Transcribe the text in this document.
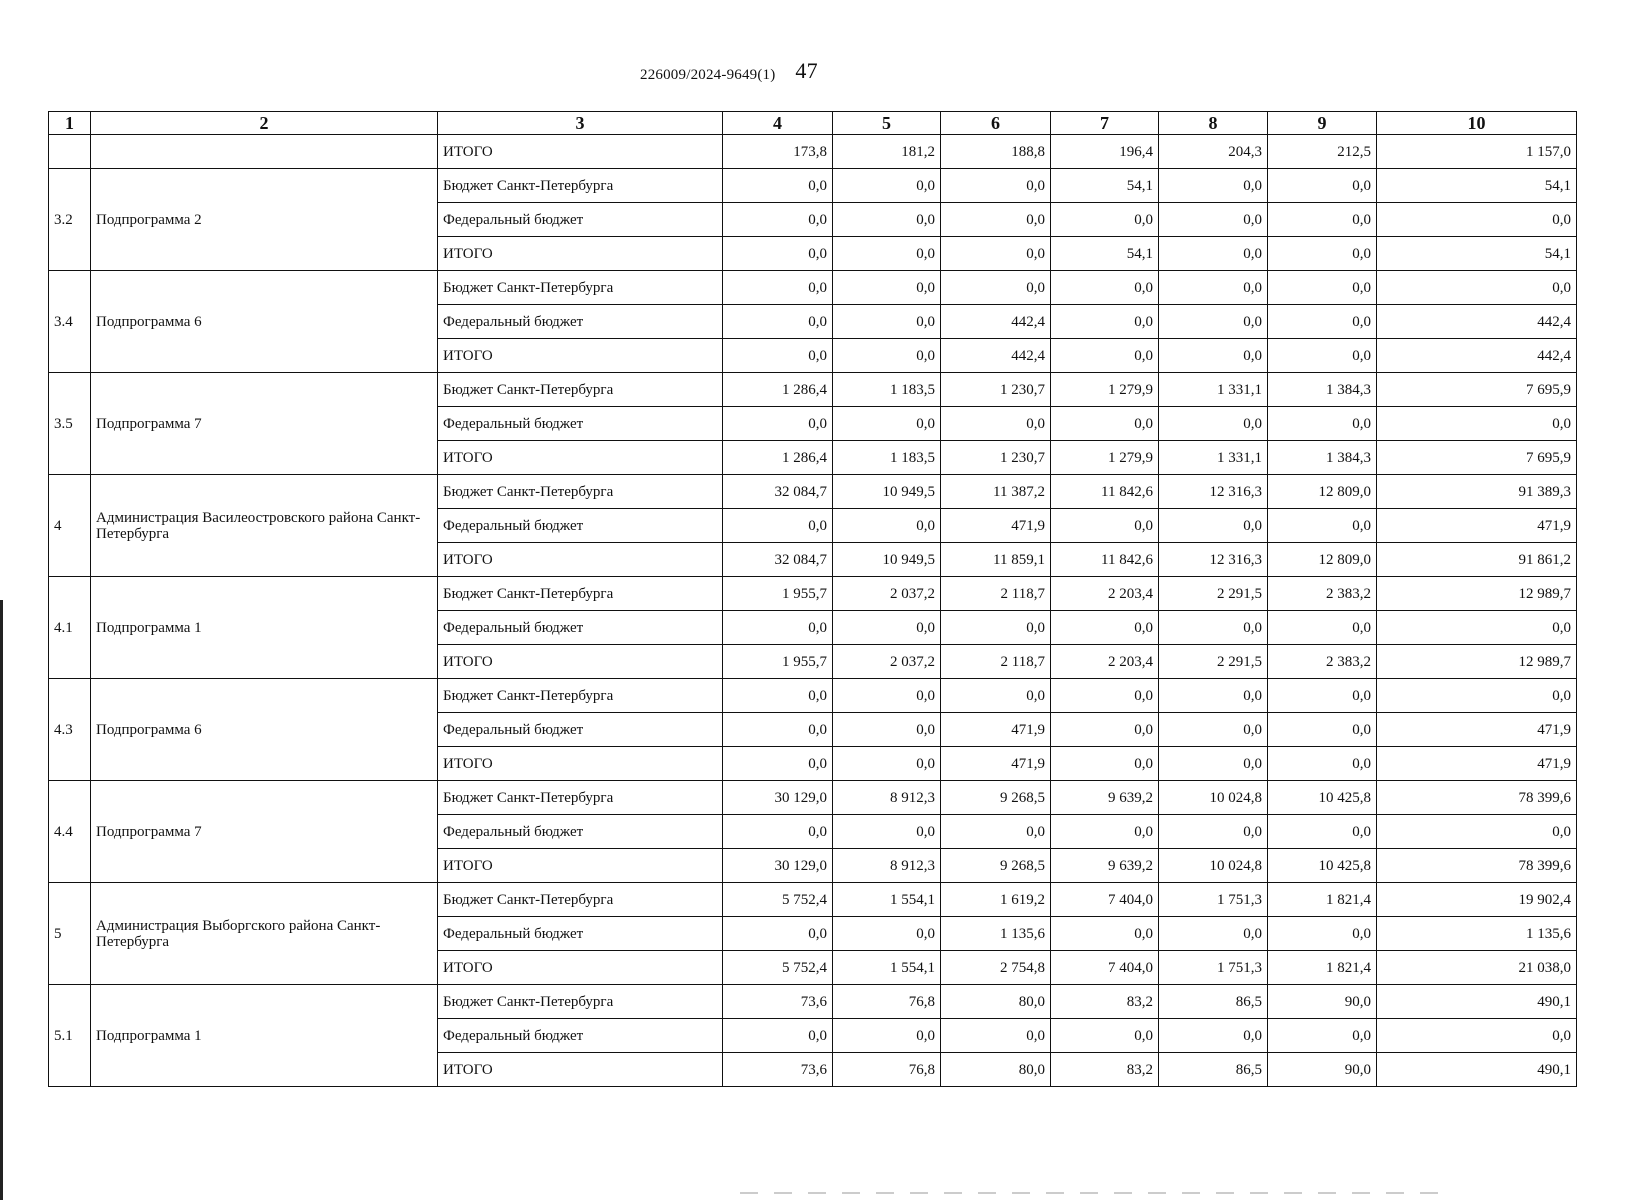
226009/2024-9649(1) 47
1	2	3	4	5	6	7	8	9	10
		ИТОГО	173,8	181,2	188,8	196,4	204,3	212,5	1 157,0
3.2	Подпрограмма 2	Бюджет Санкт-Петербурга	0,0	0,0	0,0	54,1	0,0	0,0	54,1
		Федеральный бюджет	0,0	0,0	0,0	0,0	0,0	0,0	0,0
		ИТОГО	0,0	0,0	0,0	54,1	0,0	0,0	54,1
3.4	Подпрограмма 6	Бюджет Санкт-Петербурга	0,0	0,0	0,0	0,0	0,0	0,0	0,0
		Федеральный бюджет	0,0	0,0	442,4	0,0	0,0	0,0	442,4
		ИТОГО	0,0	0,0	442,4	0,0	0,0	0,0	442,4
3.5	Подпрограмма 7	Бюджет Санкт-Петербурга	1 286,4	1 183,5	1 230,7	1 279,9	1 331,1	1 384,3	7 695,9
		Федеральный бюджет	0,0	0,0	0,0	0,0	0,0	0,0	0,0
		ИТОГО	1 286,4	1 183,5	1 230,7	1 279,9	1 331,1	1 384,3	7 695,9
4	Администрация Василеостровского района Санкт-Петербурга	Бюджет Санкт-Петербурга	32 084,7	10 949,5	11 387,2	11 842,6	12 316,3	12 809,0	91 389,3
		Федеральный бюджет	0,0	0,0	471,9	0,0	0,0	0,0	471,9
		ИТОГО	32 084,7	10 949,5	11 859,1	11 842,6	12 316,3	12 809,0	91 861,2
4.1	Подпрограмма 1	Бюджет Санкт-Петербурга	1 955,7	2 037,2	2 118,7	2 203,4	2 291,5	2 383,2	12 989,7
		Федеральный бюджет	0,0	0,0	0,0	0,0	0,0	0,0	0,0
		ИТОГО	1 955,7	2 037,2	2 118,7	2 203,4	2 291,5	2 383,2	12 989,7
4.3	Подпрограмма 6	Бюджет Санкт-Петербурга	0,0	0,0	0,0	0,0	0,0	0,0	0,0
		Федеральный бюджет	0,0	0,0	471,9	0,0	0,0	0,0	471,9
		ИТОГО	0,0	0,0	471,9	0,0	0,0	0,0	471,9
4.4	Подпрограмма 7	Бюджет Санкт-Петербурга	30 129,0	8 912,3	9 268,5	9 639,2	10 024,8	10 425,8	78 399,6
		Федеральный бюджет	0,0	0,0	0,0	0,0	0,0	0,0	0,0
		ИТОГО	30 129,0	8 912,3	9 268,5	9 639,2	10 024,8	10 425,8	78 399,6
5	Администрация Выборгского района Санкт-Петербурга	Бюджет Санкт-Петербурга	5 752,4	1 554,1	1 619,2	7 404,0	1 751,3	1 821,4	19 902,4
		Федеральный бюджет	0,0	0,0	1 135,6	0,0	0,0	0,0	1 135,6
		ИТОГО	5 752,4	1 554,1	2 754,8	7 404,0	1 751,3	1 821,4	21 038,0
5.1	Подпрограмма 1	Бюджет Санкт-Петербурга	73,6	76,8	80,0	83,2	86,5	90,0	490,1
		Федеральный бюджет	0,0	0,0	0,0	0,0	0,0	0,0	0,0
		ИТОГО	73,6	76,8	80,0	83,2	86,5	90,0	490,1
